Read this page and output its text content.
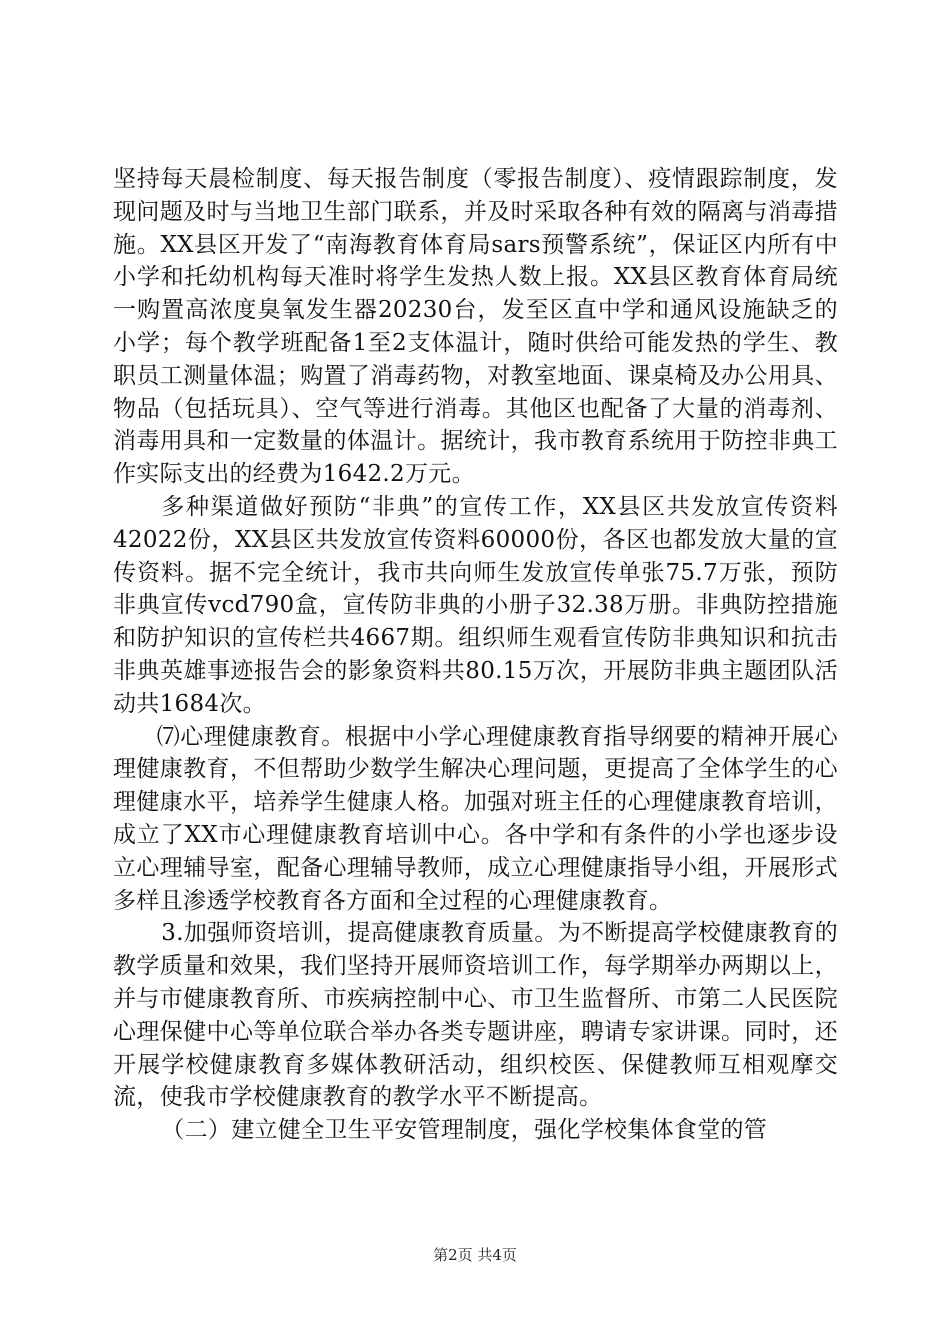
坚持每天晨检制度、每天报告制度（零报告制度）、疫情跟踪制度，发现问题及时与当地卫生部门联系，并及时采取各种有效的隔离与消毒措施。XX县区开发了“南海教育体育局sars预警系统”，保证区内所有中小学和托幼机构每天准时将学生发热人数上报。XX县区教育体育局统一购置高浓度臭氧发生器20230台，发至区直中学和通风设施缺乏的小学；每个教学班配备1至2支体温计，随时供给可能发热的学生、教职员工测量体温；购置了消毒药物，对教室地面、课桌椅及办公用具、物品（包括玩具）、空气等进行消毒。其他区也配备了大量的消毒剂、消毒用具和一定数量的体温计。据统计，我市教育系统用于防控非典工作实际支出的经费为1642.2万元。

多种渠道做好预防“非典”的宣传工作，XX县区共发放宣传资料42022份，XX县区共发放宣传资料60000份，各区也都发放大量的宣传资料。据不完全统计，我市共向师生发放宣传单张75.7万张，预防非典宣传vcd790盒，宣传防非典的小册子32.38万册。非典防控措施和防护知识的宣传栏共4667期。组织师生观看宣传防非典知识和抗击非典英雄事迹报告会的影象资料共80.15万次，开展防非典主题团队活动共1684次。

⑺心理健康教育。根据中小学心理健康教育指导纲要的精神开展心理健康教育，不但帮助少数学生解决心理问题，更提高了全体学生的心理健康水平，培养学生健康人格。加强对班主任的心理健康教育培训，成立了XX市心理健康教育培训中心。各中学和有条件的小学也逐步设立心理辅导室，配备心理辅导教师，成立心理健康指导小组，开展形式多样且渗透学校教育各方面和全过程的心理健康教育。

3.加强师资培训，提高健康教育质量。为不断提高学校健康教育的教学质量和效果，我们坚持开展师资培训工作，每学期举办两期以上，并与市健康教育所、市疾病控制中心、市卫生监督所、市第二人民医院心理保健中心等单位联合举办各类专题讲座，聘请专家讲课。同时，还开展学校健康教育多媒体教研活动，组织校医、保健教师互相观摩交流，使我市学校健康教育的教学水平不断提高。

（二）建立健全卫生平安管理制度，强化学校集体食堂的管

第2页 共4页
